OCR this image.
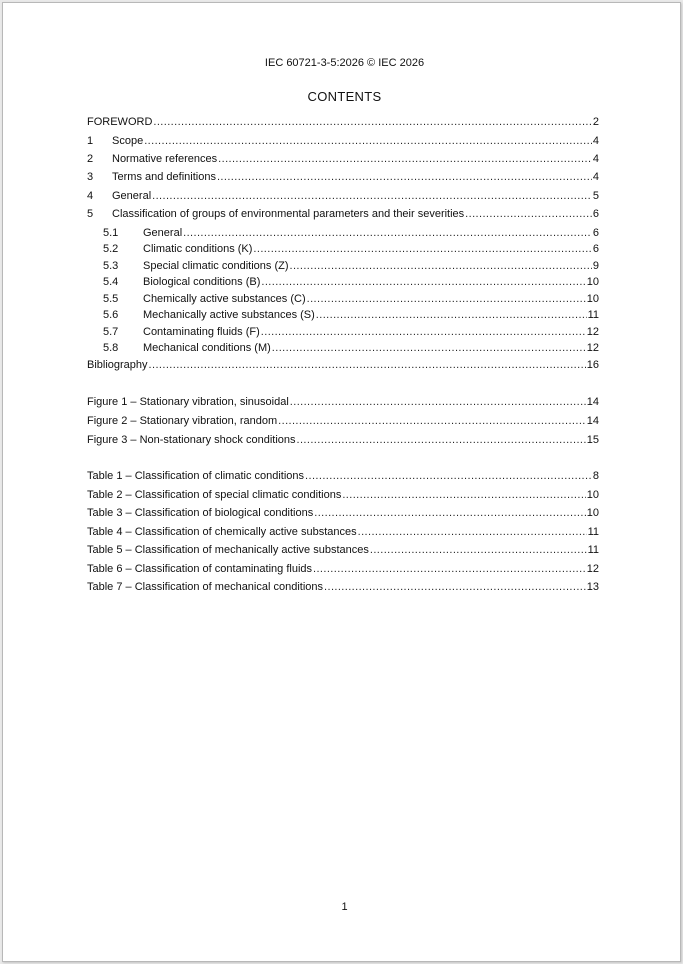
IEC 60721-3-5:2026 © IEC 2026
CONTENTS
FOREWORD .....	2
1	Scope .....	4
2	Normative references .....	4
3	Terms and definitions .....	4
4	General .....	5
5	Classification of groups of environmental parameters and their severities .....	6
5.1	General .....	6
5.2	Climatic conditions (K) .....	6
5.3	Special climatic conditions (Z) .....	9
5.4	Biological conditions (B) .....	10
5.5	Chemically active substances (C) .....	10
5.6	Mechanically active substances (S) .....	11
5.7	Contaminating fluids (F) .....	12
5.8	Mechanical conditions (M) .....	12
Bibliography .....	16
Figure 1 – Stationary vibration, sinusoidal .....	14
Figure 2 – Stationary vibration, random .....	14
Figure 3 – Non-stationary shock conditions .....	15
Table 1 – Classification of climatic conditions .....	8
Table 2 – Classification of special climatic conditions .....	10
Table 3 – Classification of biological conditions .....	10
Table 4 – Classification of chemically active substances .....	11
Table 5 – Classification of mechanically active substances .....	11
Table 6 – Classification of contaminating fluids .....	12
Table 7 – Classification of mechanical conditions .....	13
1
